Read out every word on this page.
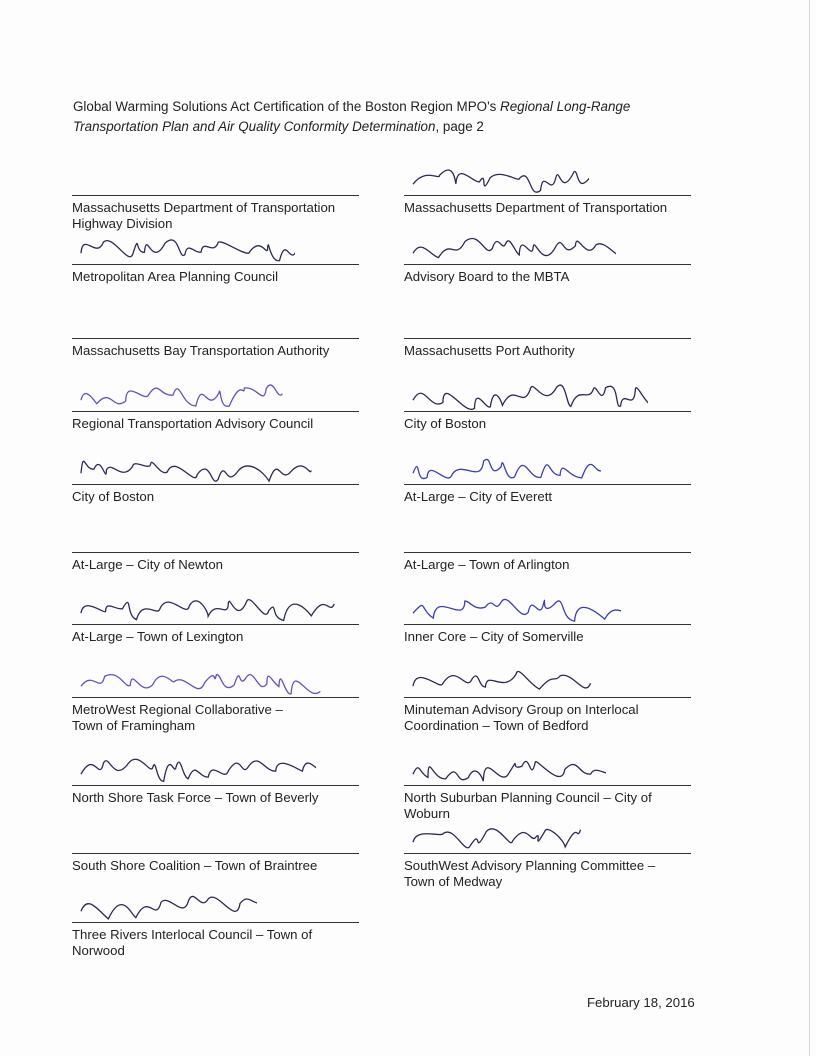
Global Warming Solutions Act Certification of the Boston Region MPO's Regional Long-Range
Transportation Plan and Air Quality Conformity Determination, page 2
Massachusetts Department of Transportation
Highway Division
Metropolitan Area Planning Council
Massachusetts Bay Transportation Authority
Regional Transportation Advisory Council
City of Boston
At-Large – City of Newton
At-Large – Town of Lexington
MetroWest Regional Collaborative –
Town of Framingham
North Shore Task Force – Town of Beverly
South Shore Coalition – Town of Braintree
Three Rivers Interlocal Council – Town of
Norwood
Massachusetts Department of Transportation
Advisory Board to the MBTA
Massachusetts Port Authority
City of Boston
At-Large – City of Everett
At-Large – Town of Arlington
Inner Core – City of Somerville
Minuteman Advisory Group on Interlocal
Coordination – Town of Bedford
North Suburban Planning Council – City of
Woburn
SouthWest Advisory Planning Committee –
Town of Medway
February 18, 2016
